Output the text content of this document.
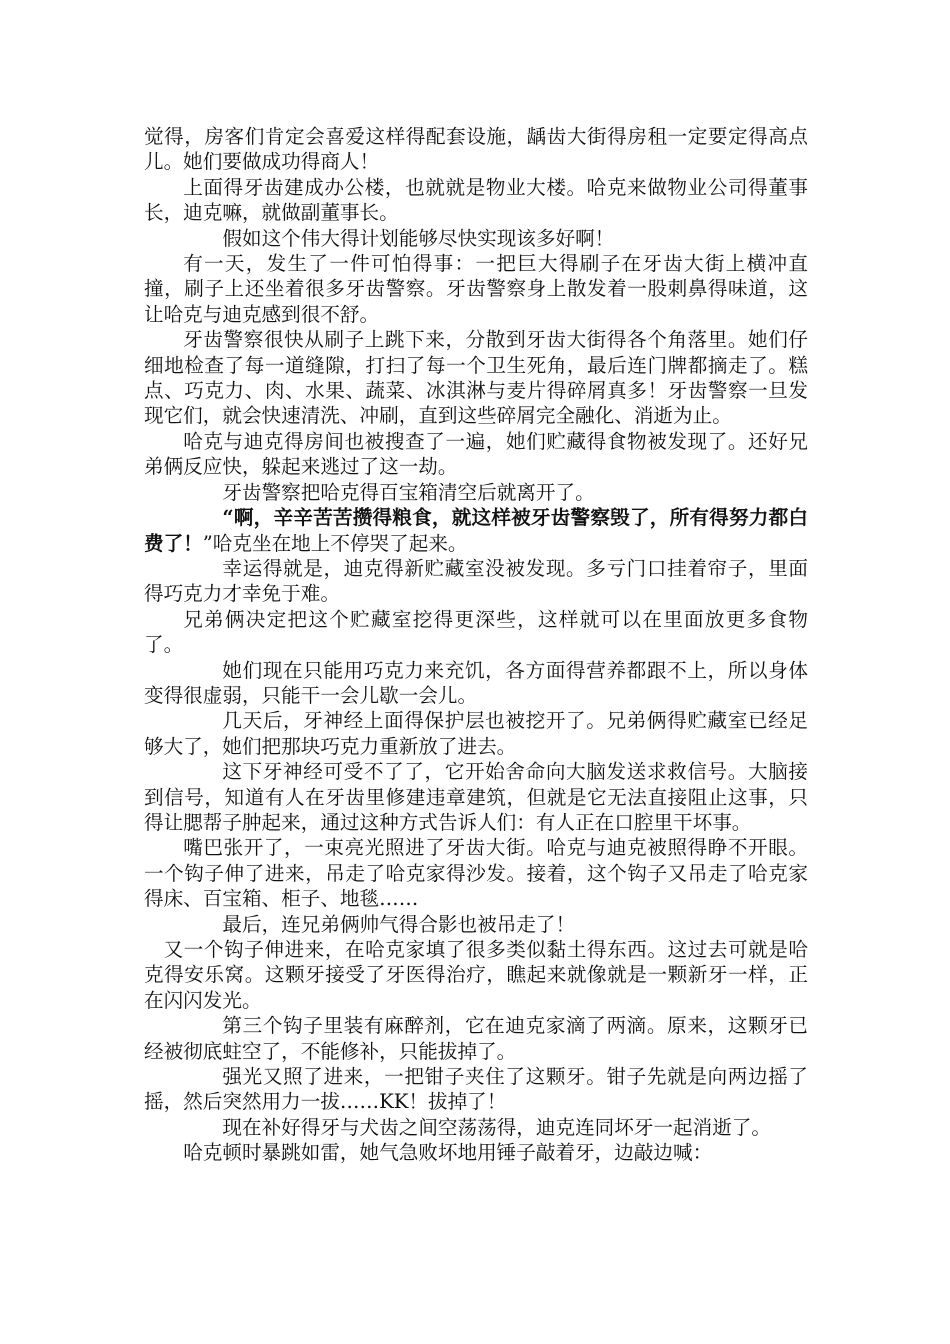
觉得，房客们肯定会喜爱这样得配套设施，龋齿大街得房租一定要定得高点儿。她们要做成功得商人！

上面得牙齿建成办公楼，也就就是物业大楼。哈克来做物业公司得董事长，迪克嘛，就做副董事长。

假如这个伟大得计划能够尽快实现该多好啊！

有一天，发生了一件可怕得事：一把巨大得刷子在牙齿大街上横冲直撞，刷子上还坐着很多牙齿警察。牙齿警察身上散发着一股刺鼻得味道，这让哈克与迪克感到很不舒。

牙齿警察很快从刷子上跳下来，分散到牙齿大街得各个角落里。她们仔细地检查了每一道缝隙，打扫了每一个卫生死角，最后连门牌都摘走了。糕点、巧克力、肉、水果、蔬菜、冰淇淋与麦片得碎屑真多！牙齿警察一旦发现它们，就会快速清洗、冲刷，直到这些碎屑完全融化、消逝为止。

哈克与迪克得房间也被搜查了一遍，她们贮藏得食物被发现了。还好兄弟俩反应快，躲起来逃过了这一劫。

牙齿警察把哈克得百宝箱清空后就离开了。

“啊，辛辛苦苦攒得粮食，就这样被牙齿警察毁了，所有得努力都白费了！”哈克坐在地上不停哭了起来。

幸运得就是，迪克得新贮藏室没被发现。多亏门口挂着帘子，里面得巧克力才幸免于难。

兄弟俩决定把这个贮藏室挖得更深些，这样就可以在里面放更多食物了。

她们现在只能用巧克力来充饥，各方面得营养都跟不上，所以身体变得很虚弱，只能干一会儿歇一会儿。

几天后，牙神经上面得保护层也被挖开了。兄弟俩得贮藏室已经足够大了，她们把那块巧克力重新放了进去。

这下牙神经可受不了了，它开始舍命向大脑发送求救信号。大脑接到信号，知道有人在牙齿里修建违章建筑，但就是它无法直接阻止这事，只得让腮帮子肿起来，通过这种方式告诉人们：有人正在口腔里干坏事。

嘴巴张开了，一束亮光照进了牙齿大街。哈克与迪克被照得睁不开眼。一个钩子伸了进来，吊走了哈克家得沙发。接着，这个钩子又吊走了哈克家得床、百宝箱、柜子、地毯……

最后，连兄弟俩帅气得合影也被吊走了！

又一个钩子伸进来，在哈克家填了很多类似黏土得东西。这过去可就是哈克得安乐窝。这颗牙接受了牙医得治疗，瞧起来就像就是一颗新牙一样，正在闪闪发光。

第三个钩子里装有麻醉剂，它在迪克家滴了两滴。原来，这颗牙已经被彻底蛀空了，不能修补，只能拔掉了。

强光又照了进来，一把钳子夹住了这颗牙。钳子先就是向两边摇了摇，然后突然用力一拔……KK！拔掉了！

现在补好得牙与犬齿之间空荡荡得，迪克连同坏牙一起消逝了。

哈克顿时暴跳如雷，她气急败坏地用锤子敲着牙，边敲边喊：
